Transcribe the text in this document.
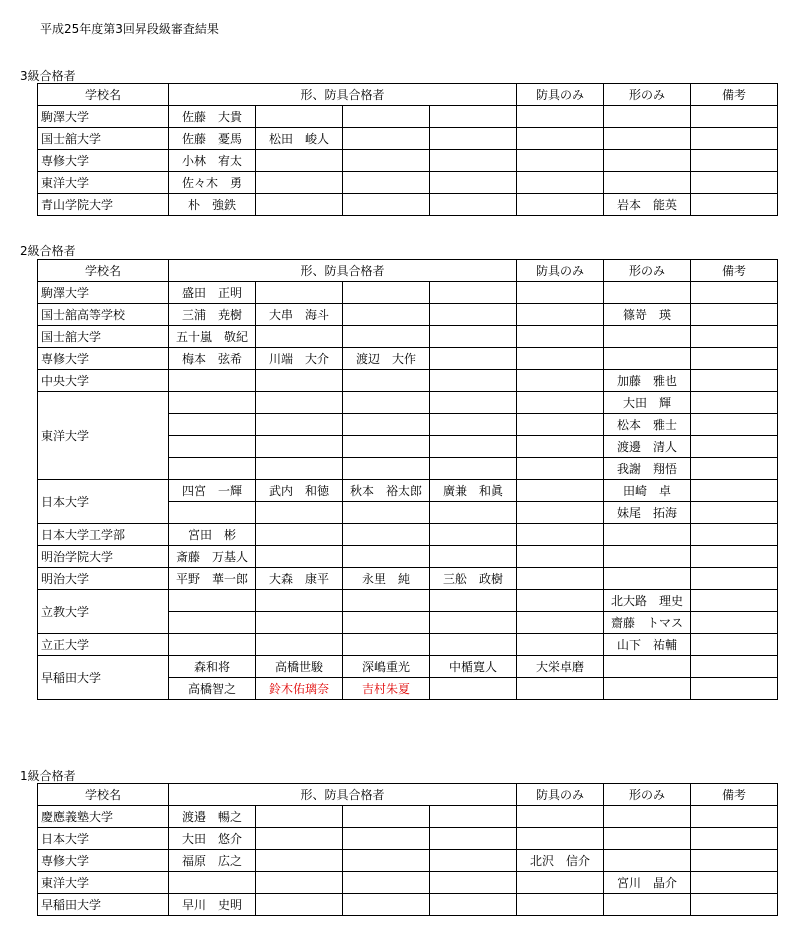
平成25年度第3回昇段級審査結果
3級合格者
学校名	形、防具合格者				防具のみ	形のみ	備考
駒澤大学	佐藤　大貴						
国士舘大学	佐藤　憂馬	松田　峻人					
専修大学	小林　宥太						
東洋大学	佐々木　勇						
青山学院大学	朴　強鉄					岩本　能英	
2級合格者
学校名	形、防具合格者				防具のみ	形のみ	備考
駒澤大学	盛田　正明						
国士舘高等学校	三浦　尭樹	大串　海斗				篠嵜　瑛	
国士舘大学	五十嵐　敬紀						
専修大学	梅本　弦希	川端　大介	渡辺　大作				
中央大学						加藤　雅也	
東洋大学						大田　輝	
						松本　雅士	
						渡邊　清人	
						我謝　翔悟	
日本大学	四宮　一輝	武内　和徳	秋本　裕太郎	廣兼　和眞		田崎　卓	
						妹尾　拓海	
日本大学工学部	宮田　彬						
明治学院大学	斎藤　万基人						
明治大学	平野　華一郎	大森　康平	永里　純	三舩　政樹			
立教大学						北大路　理史	
						齋藤　トマス	
立正大学						山下　祐輔	
早稲田大学	森和将	高橋世駿	深嶋重光	中楯寛人	大栄卓磨		
	高橋智之	鈴木佑璃奈	吉村朱夏				
1級合格者
学校名	形、防具合格者				防具のみ	形のみ	備考
慶應義塾大学	渡邉　暢之						
日本大学	大田　悠介						
専修大学	福原　広之				北沢　信介		
東洋大学						宮川　晶介	
早稲田大学	早川　史明						
